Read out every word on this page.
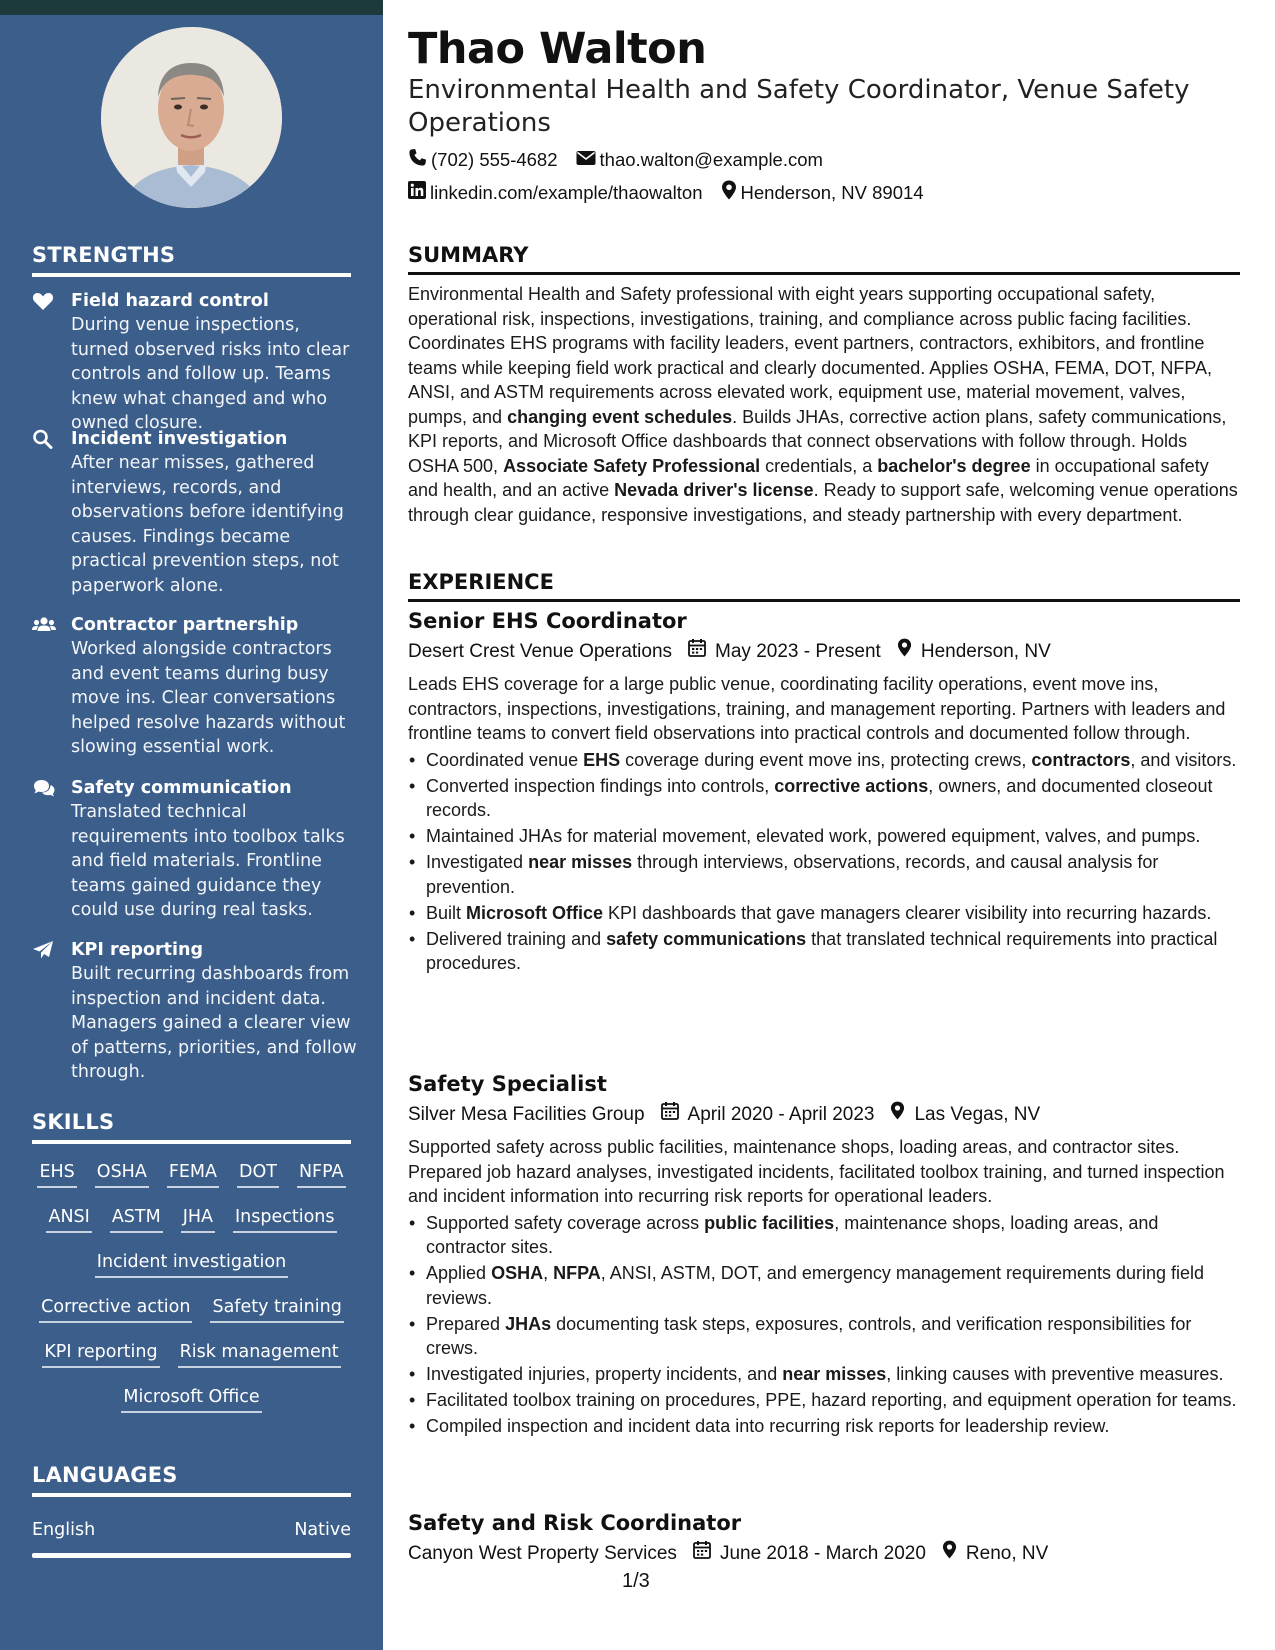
STRENGTHS
Field hazard control
During venue inspections, turned observed risks into clear controls and follow up. Teams knew what changed and who owned closure.
Incident investigation
After near misses, gathered interviews, records, and observations before identifying causes. Findings became practical prevention steps, not paperwork alone.
Contractor partnership
Worked alongside contractors and event teams during busy move ins. Clear conversations helped resolve hazards without slowing essential work.
Safety communication
Translated technical requirements into toolbox talks and field materials. Frontline teams gained guidance they could use during real tasks.
KPI reporting
Built recurring dashboards from inspection and incident data. Managers gained a clearer view of patterns, priorities, and follow through.
SKILLS
EHS OSHA FEMA DOT NFPA
ANSI ASTM JHA Inspections
Incident investigation
Corrective action Safety training
KPI reporting Risk management
Microsoft Office
LANGUAGES
English	Native
Thao Walton
Environmental Health and Safety Coordinator, Venue Safety Operations
(702) 555-4682 thao.walton@example.com
linkedin.com/example/thaowalton Henderson, NV 89014
SUMMARY
Environmental Health and Safety professional with eight years supporting occupational safety, operational risk, inspections, investigations, training, and compliance across public facing facilities. Coordinates EHS programs with facility leaders, event partners, contractors, exhibitors, and frontline teams while keeping field work practical and clearly documented. Applies OSHA, FEMA, DOT, NFPA, ANSI, and ASTM requirements across elevated work, equipment use, material movement, valves, pumps, and changing event schedules. Builds JHAs, corrective action plans, safety communications, KPI reports, and Microsoft Office dashboards that connect observations with follow through. Holds OSHA 500, Associate Safety Professional credentials, a bachelor's degree in occupational safety and health, and an active Nevada driver's license. Ready to support safe, welcoming venue operations through clear guidance, responsive investigations, and steady partnership with every department.
EXPERIENCE
Senior EHS Coordinator
Desert Crest Venue Operations May 2023 - Present Henderson, NV
Leads EHS coverage for a large public venue, coordinating facility operations, event move ins, contractors, inspections, investigations, training, and management reporting. Partners with leaders and frontline teams to convert field observations into practical controls and documented follow through.
• Coordinated venue EHS coverage during event move ins, protecting crews, contractors, and visitors.
• Converted inspection findings into controls, corrective actions, owners, and documented closeout records.
• Maintained JHAs for material movement, elevated work, powered equipment, valves, and pumps.
• Investigated near misses through interviews, observations, records, and causal analysis for prevention.
• Built Microsoft Office KPI dashboards that gave managers clearer visibility into recurring hazards.
• Delivered training and safety communications that translated technical requirements into practical procedures.
Safety Specialist
Silver Mesa Facilities Group April 2020 - April 2023 Las Vegas, NV
Supported safety across public facilities, maintenance shops, loading areas, and contractor sites. Prepared job hazard analyses, investigated incidents, facilitated toolbox training, and turned inspection and incident information into recurring risk reports for operational leaders.
• Supported safety coverage across public facilities, maintenance shops, loading areas, and contractor sites.
• Applied OSHA, NFPA, ANSI, ASTM, DOT, and emergency management requirements during field reviews.
• Prepared JHAs documenting task steps, exposures, controls, and verification responsibilities for crews.
• Investigated injuries, property incidents, and near misses, linking causes with preventive measures.
• Facilitated toolbox training on procedures, PPE, hazard reporting, and equipment operation for teams.
• Compiled inspection and incident data into recurring risk reports for leadership review.
Safety and Risk Coordinator
Canyon West Property Services June 2018 - March 2020 Reno, NV
1/3
